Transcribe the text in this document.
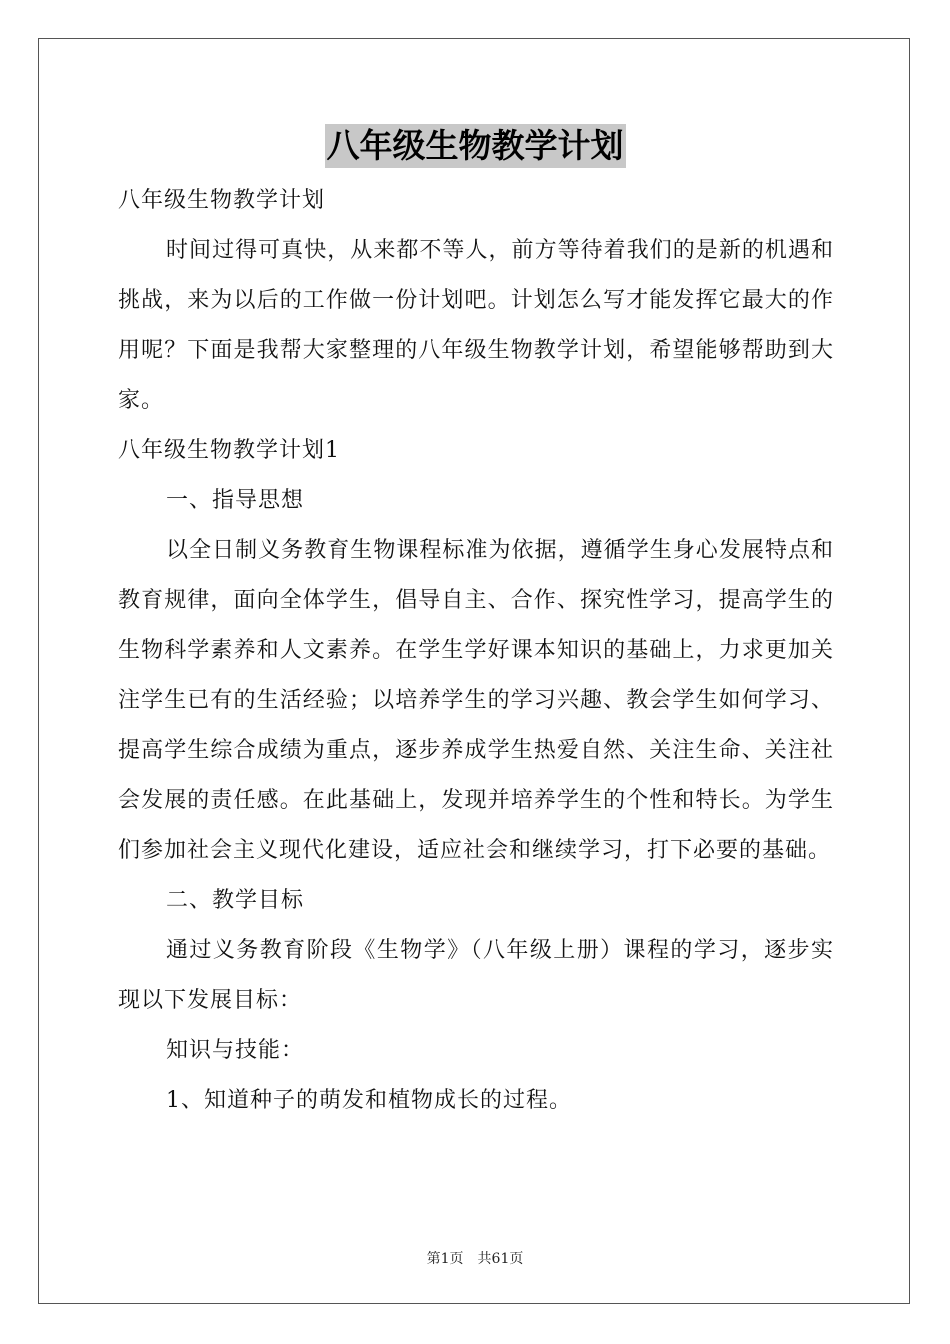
八年级生物教学计划

八年级生物教学计划

时间过得可真快，从来都不等人，前方等待着我们的是新的机遇和挑战，来为以后的工作做一份计划吧。计划怎么写才能发挥它最大的作用呢？下面是我帮大家整理的八年级生物教学计划，希望能够帮助到大家。

八年级生物教学计划1

一、指导思想

以全日制义务教育生物课程标准为依据，遵循学生身心发展特点和教育规律，面向全体学生，倡导自主、合作、探究性学习，提高学生的生物科学素养和人文素养。在学生学好课本知识的基础上，力求更加关注学生已有的生活经验；以培养学生的学习兴趣、教会学生如何学习、提高学生综合成绩为重点，逐步养成学生热爱自然、关注生命、关注社会发展的责任感。在此基础上，发现并培养学生的个性和特长。为学生们参加社会主义现代化建设，适应社会和继续学习，打下必要的基础。

二、教学目标

通过义务教育阶段《生物学》（八年级上册）课程的学习，逐步实现以下发展目标：

知识与技能：

1、知道种子的萌发和植物成长的过程。

第1页 共61页
